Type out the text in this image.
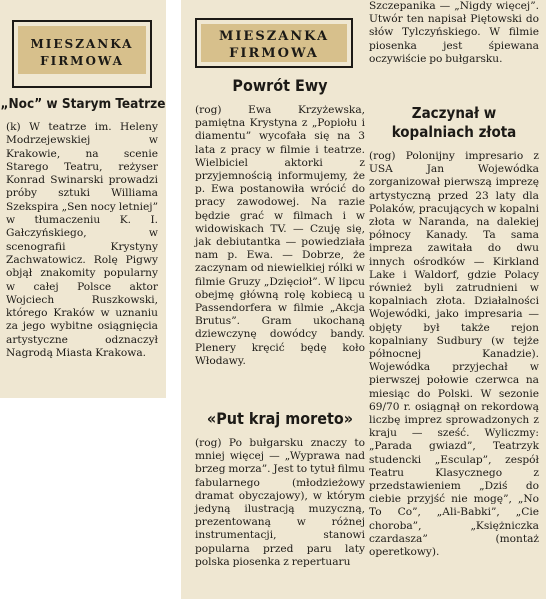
MIESZANKA
FIRMOWA
„Noc” w Starym Teatrze

(k) W teatrze im. Heleny Modrzejewskiej w Krakowie, na scenie Starego Teatru, reżyser Konrad Swinarski prowadzi próby sztuki Williama Szekspira „Sen nocy letniej” w tłumaczeniu K. I. Gałczyńskiego, w scenografii Krystyny Zachwatowicz. Rolę Pigwy objął znakomity popularny w całej Polsce aktor Wojciech Ruszkowski, którego Kraków w uznaniu za jego wybitne osiągnięcia artystyczne odznaczył Nagrodą Miasta Krakowa.

MIESZANKA
FIRMOWA
Powrót Ewy

(rog) Ewa Krzyżewska, pamiętna Krystyna z „Popiołu i diamentu” wycofała się na 3 lata z pracy w filmie i teatrze. Wielbiciel aktorki z przyjemnością informujemy, że p. Ewa postanowiła wrócić do pracy zawodowej. Na razie będzie grać w filmach i w widowiskach TV. — Czuję się, jak debiutantka — powiedziała nam p. Ewa. — Dobrze, że zaczynam od niewielkiej rólki w filmie Gruzy „Dzięcioł”. W lipcu obejmę główną rolę kobiecą u Passendorfera w filmie „Akcja Brutus”. Gram ukochaną dziewczynę dowódcy bandy. Plenery kręcić będę koło Włodawy.

«Put kraj moreto»

(rog) Po bułgarsku znaczy to mniej więcej — „Wyprawa nad brzeg morza”. Jest to tytuł filmu fabularnego (młodzieżowy dramat obyczajowy), w którym jedyną ilustracją muzyczną, prezentowaną w różnej instrumentacji, stanowi popularna przed paru laty polska piosenka z repertuaru

Szczepanika — „Nigdy więcej”. Utwór ten napisał Piętowski do słów Tylczyńskiego. W filmie piosenka jest śpiewana oczywiście po bułgarsku.

Zaczynał w kopalniach złota

(rog) Polonijny impresario z USA Jan Wojewódka zorganizował pierwszą imprezę artystyczną przed 23 laty dla Polaków, pracujących w kopalni złota w Naranda, na dalekiej północy Kanady. Ta sama impreza zawitała do dwu innych ośrodków — Kirkland Lake i Waldorf, gdzie Polacy również byli zatrudnieni w kopalniach złota. Działalności Wojewódki, jako impresaria — objęty był także rejon kopalniany Sudbury (w tejże północnej Kanadzie). Wojewódka przyjechał w pierwszej połowie czerwca na miesiąc do Polski. W sezonie 69/70 r. osiągnął on rekordową liczbę imprez sprowadzonych z kraju — sześć. Wyliczmy: „Parada gwiazd”, Teatrzyk studencki „Esculap”, zespół Teatru Klasycznego z przedstawieniem „Dziś do ciebie przyjść nie mogę”, „No To Co”, „Ali-Babki”, „Cie choroba”, „Księżniczka czardasza” (montaż operetkowy).
